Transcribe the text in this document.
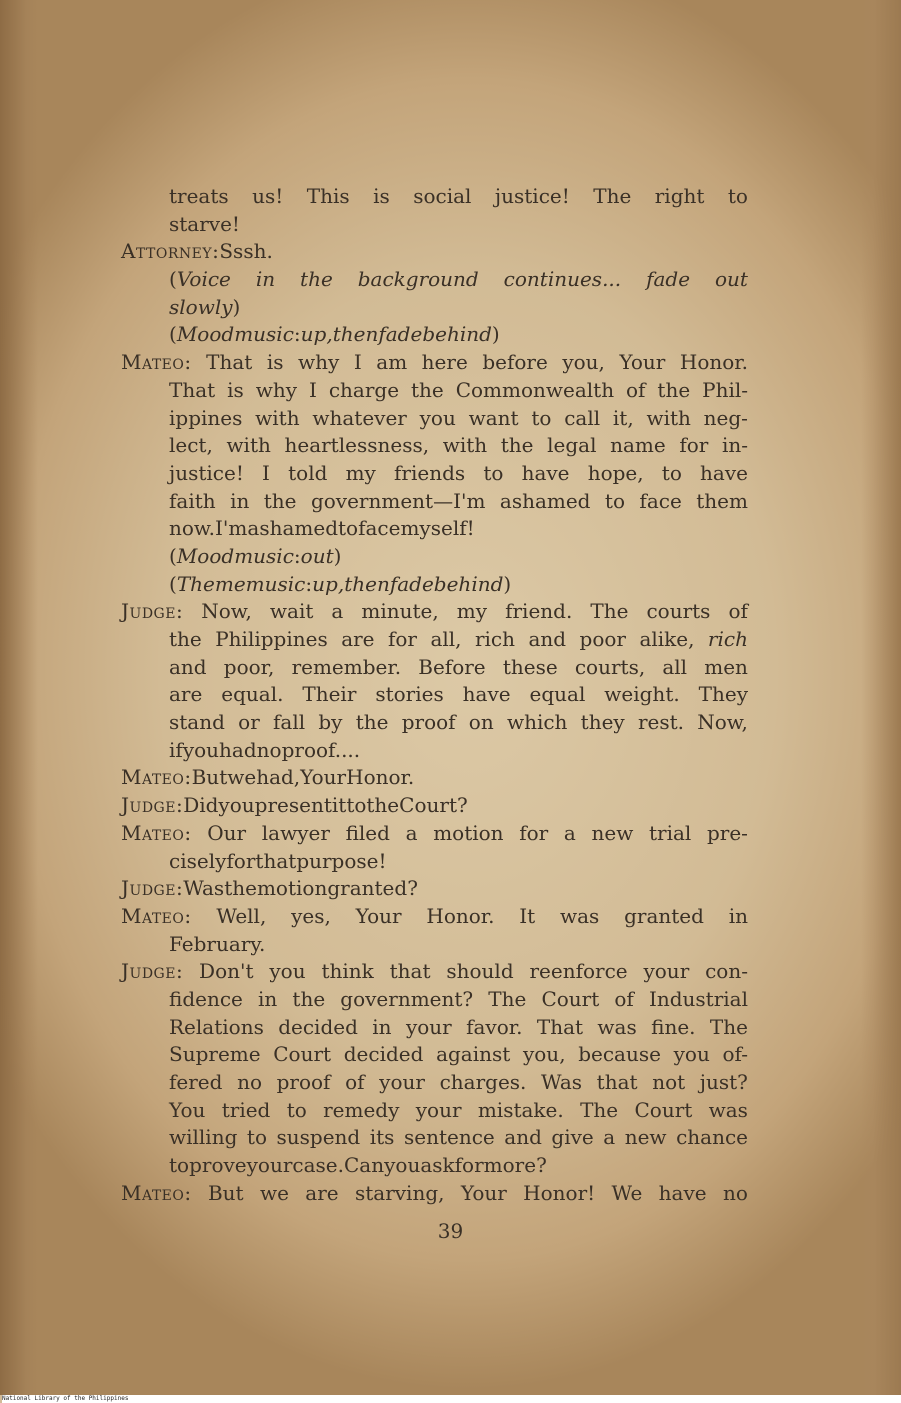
treats us! This is social justice! The right to
starve!
Attorney: Sssh.
(Voice in the background continues... fade out
slowly)
(Mood music: up, then fade behind)
Mateo: That is why I am here before you, Your Honor.
That is why I charge the Commonwealth of the Phil-
ippines with whatever you want to call it, with neg-
lect, with heartlessness, with the legal name for in-
justice! I told my friends to have hope, to have
faith in the government—I'm ashamed to face them
now. I'm ashamed to face myself!
(Mood music: out)
(Theme music: up, then fade behind)
Judge: Now, wait a minute, my friend. The courts of
the Philippines are for all, rich and poor alike, rich
and poor, remember. Before these courts, all men
are equal. Their stories have equal weight. They
stand or fall by the proof on which they rest. Now,
if you had no proof....
Mateo: But we had, Your Honor.
Judge: Did you present it to the Court?
Mateo: Our lawyer filed a motion for a new trial pre-
cisely for that purpose!
Judge: Was the motion granted?
Mateo: Well, yes, Your Honor. It was granted in
February.
Judge: Don't you think that should reenforce your con-
fidence in the government? The Court of Industrial
Relations decided in your favor. That was fine. The
Supreme Court decided against you, because you of-
fered no proof of your charges. Was that not just?
You tried to remedy your mistake. The Court was
willing to suspend its sentence and give a new chance
to prove your case. Can you ask for more?
Mateo: But we are starving, Your Honor! We have no
39
National Library of the Philippines
